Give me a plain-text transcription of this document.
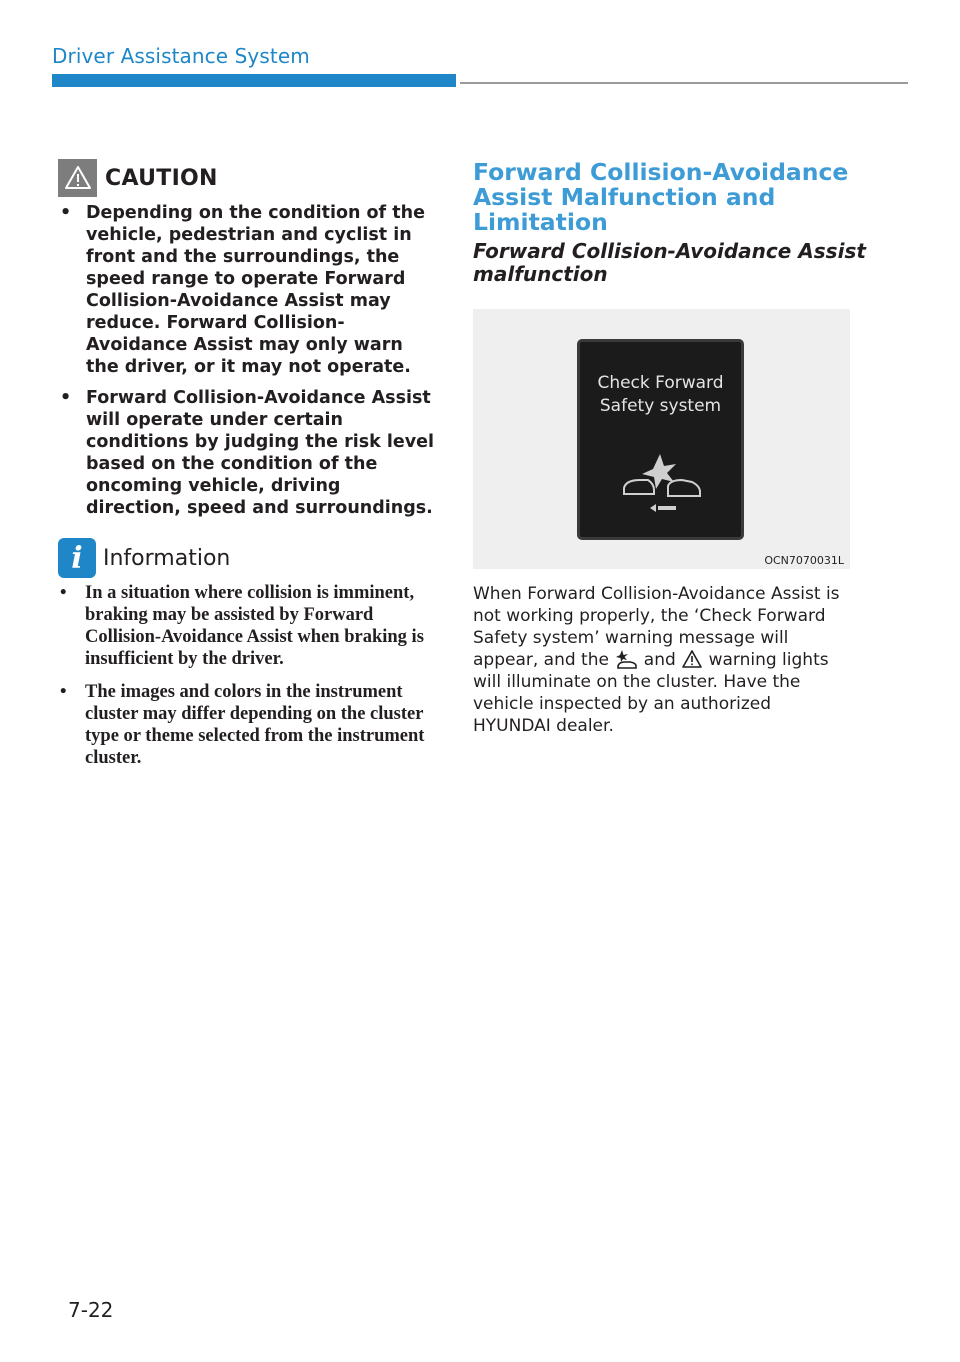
Driver Assistance System
CAUTION
• Depending on the condition of the vehicle, pedestrian and cyclist in front and the surroundings, the speed range to operate Forward Collision-Avoidance Assist may reduce. Forward Collision-Avoidance Assist may only warn the driver, or it may not operate.
• Forward Collision-Avoidance Assist will operate under certain conditions by judging the risk level based on the condition of the oncoming vehicle, driving direction, speed and surroundings.
i Information
• In a situation where collision is imminent, braking may be assisted by Forward Collision-Avoidance Assist when braking is insufficient by the driver.
• The images and colors in the instrument cluster may differ depending on the cluster type or theme selected from the instrument cluster.
Forward Collision-Avoidance Assist Malfunction and Limitation
Forward Collision-Avoidance Assist malfunction
Check Forward
Safety system
OCN7070031L
When Forward Collision-Avoidance Assist is not working properly, the ‘Check Forward Safety system’ warning message will appear, and the and warning lights will illuminate on the cluster. Have the vehicle inspected by an authorized HYUNDAI dealer.
7-22
